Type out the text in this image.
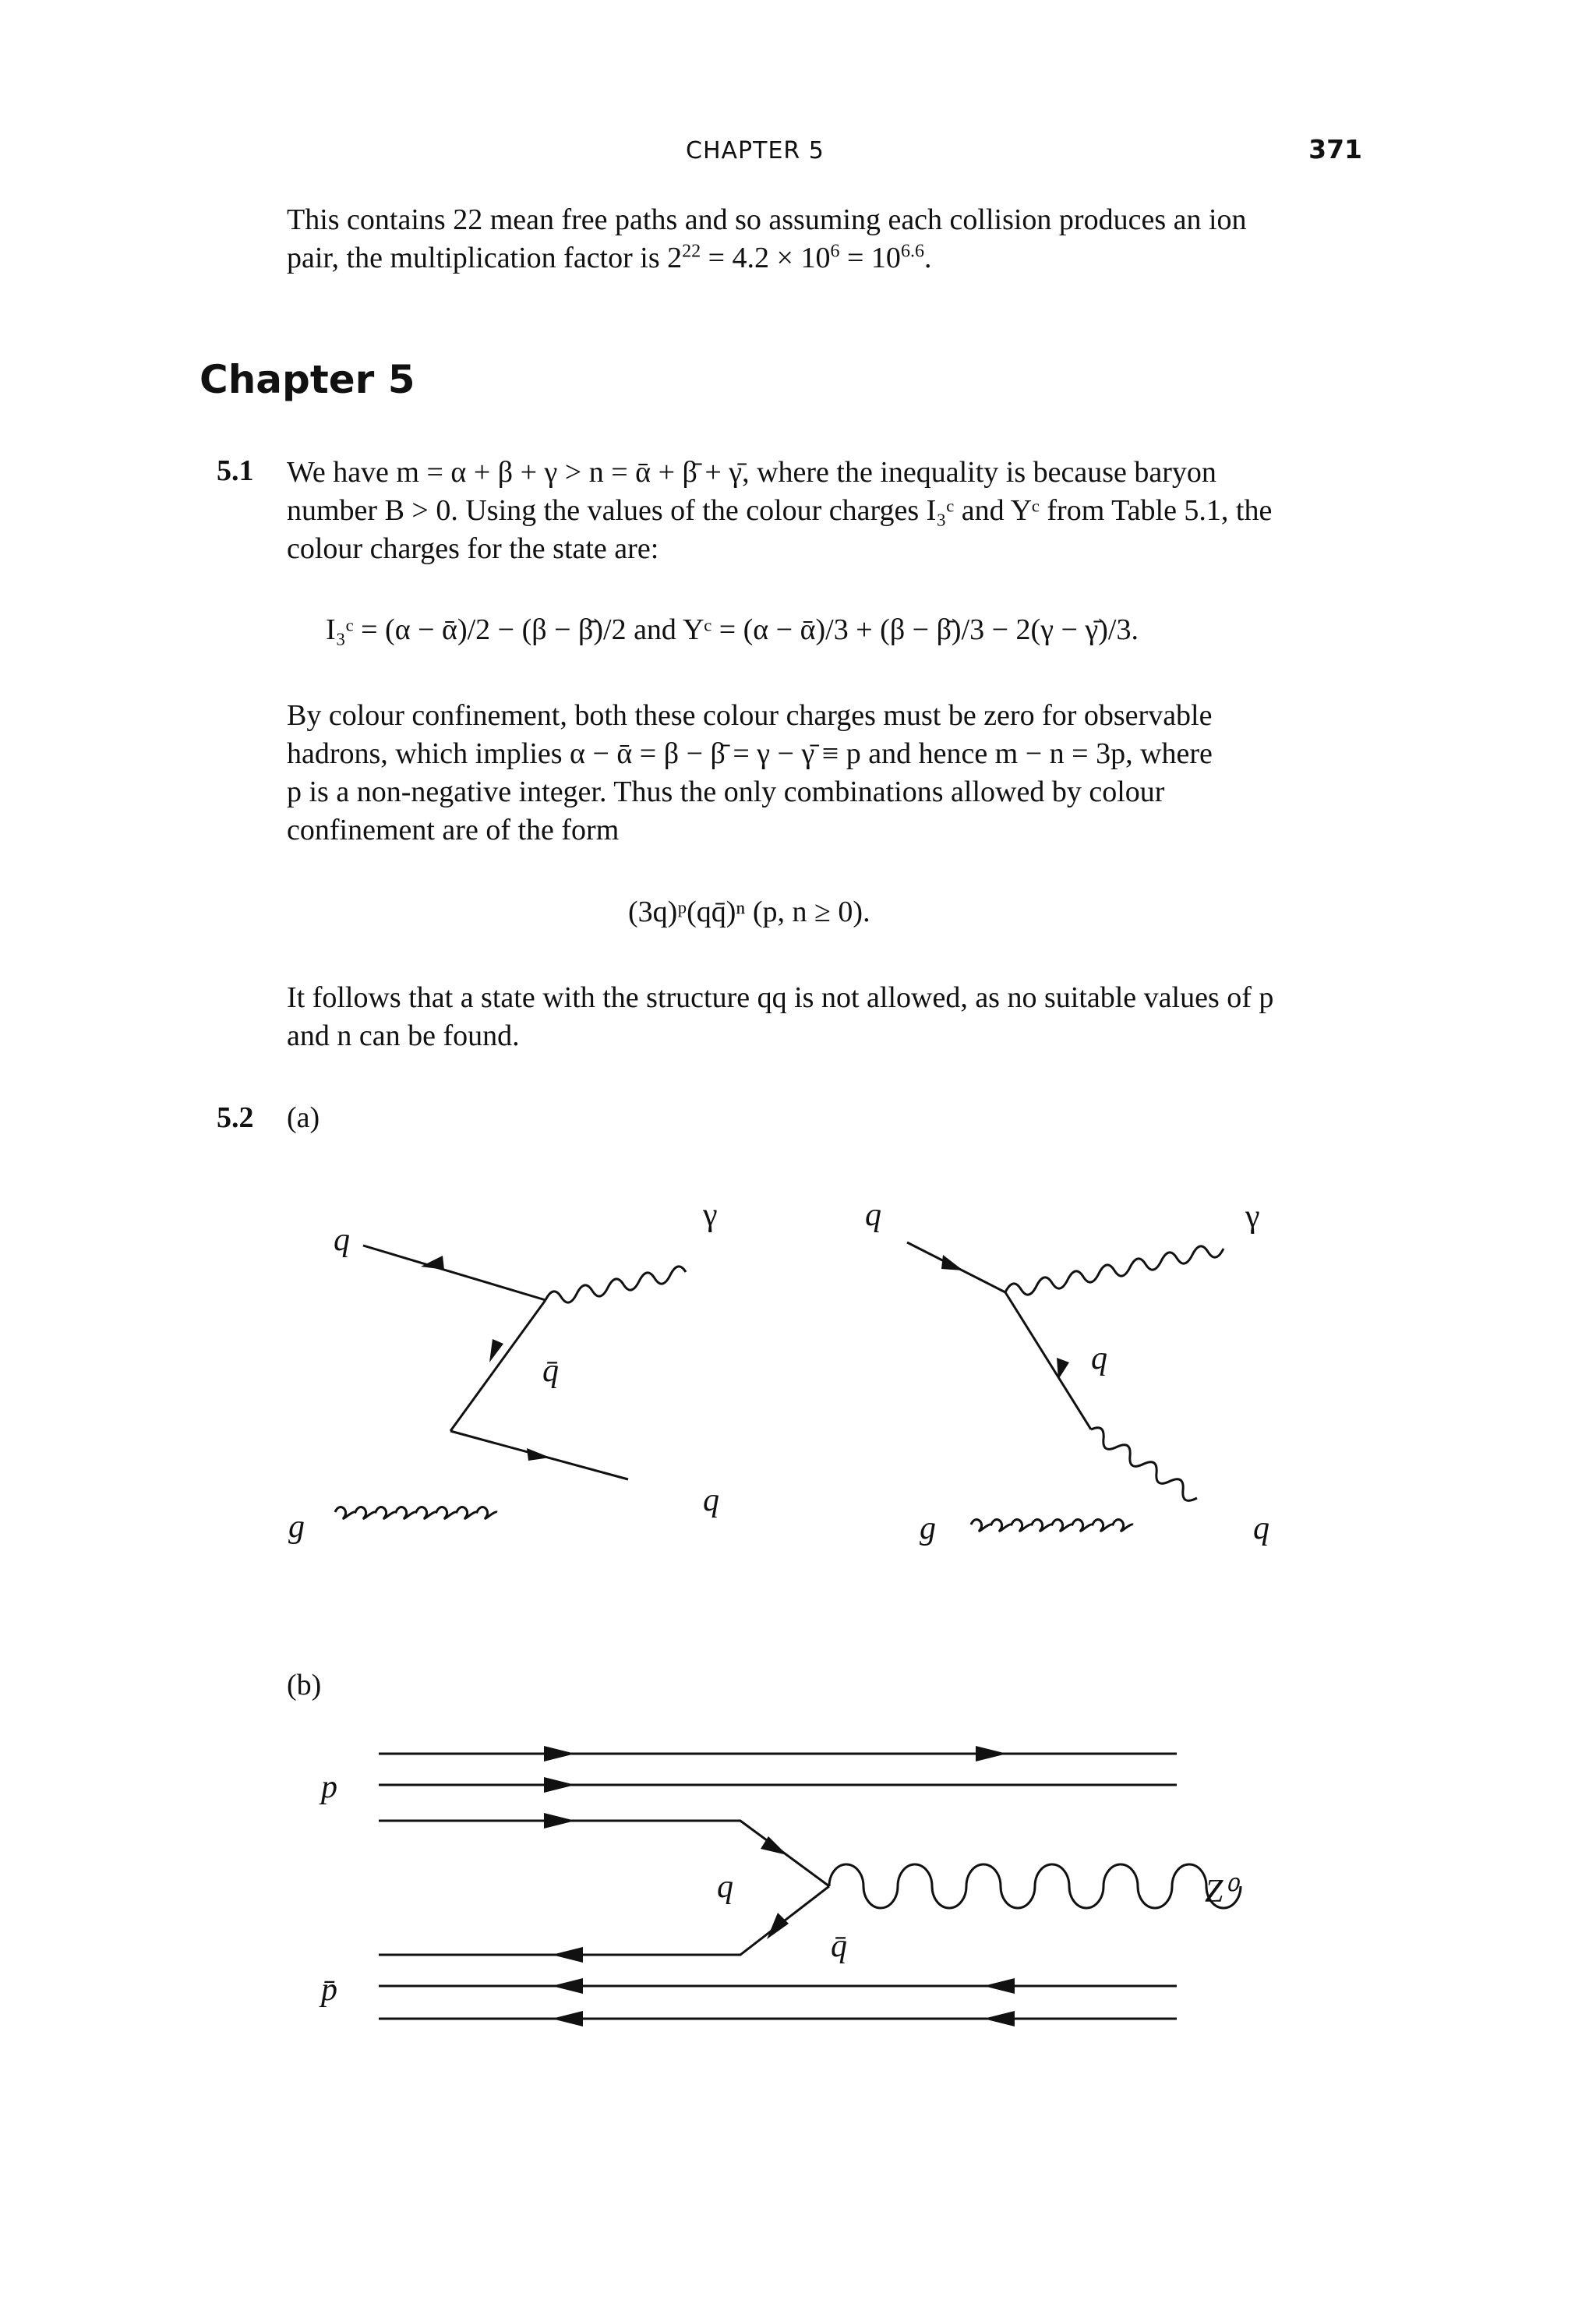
CHAPTER 5	371
This contains 22 mean free paths and so assuming each collision produces an ion
pair, the multiplication factor is $2^{22} = 4.2 \times 10^6 = 10^{6.6}$.
Chapter 5
5.1 We have m = α + β + γ > n = ᾱ + β̄ + γ̄, where the inequality is because baryon
number B > 0. Using the values of the colour charges I₃ᶜ and Yᶜ from Table 5.1, the
colour charges for the state are:
I₃ᶜ = (α − ᾱ)/2 − (β − β̄)/2 and Yᶜ = (α − ᾱ)/3 + (β − β̄)/3 − 2(γ − γ̄)/3.
By colour confinement, both these colour charges must be zero for observable
hadrons, which implies α − ᾱ = β − β̄ = γ − γ̄ ≡ p and hence m − n = 3p, where
p is a non-negative integer. Thus the only combinations allowed by colour
confinement are of the form
(3q)ᵖ(qq̄)ⁿ (p, n ≥ 0).
It follows that a state with the structure qq is not allowed, as no suitable values of p
and n can be found.
5.2 (a)
(b)
q
γ
q̄
g
q
q	γ
q
g	q
p
p̄
q
q̄
Z⁰
